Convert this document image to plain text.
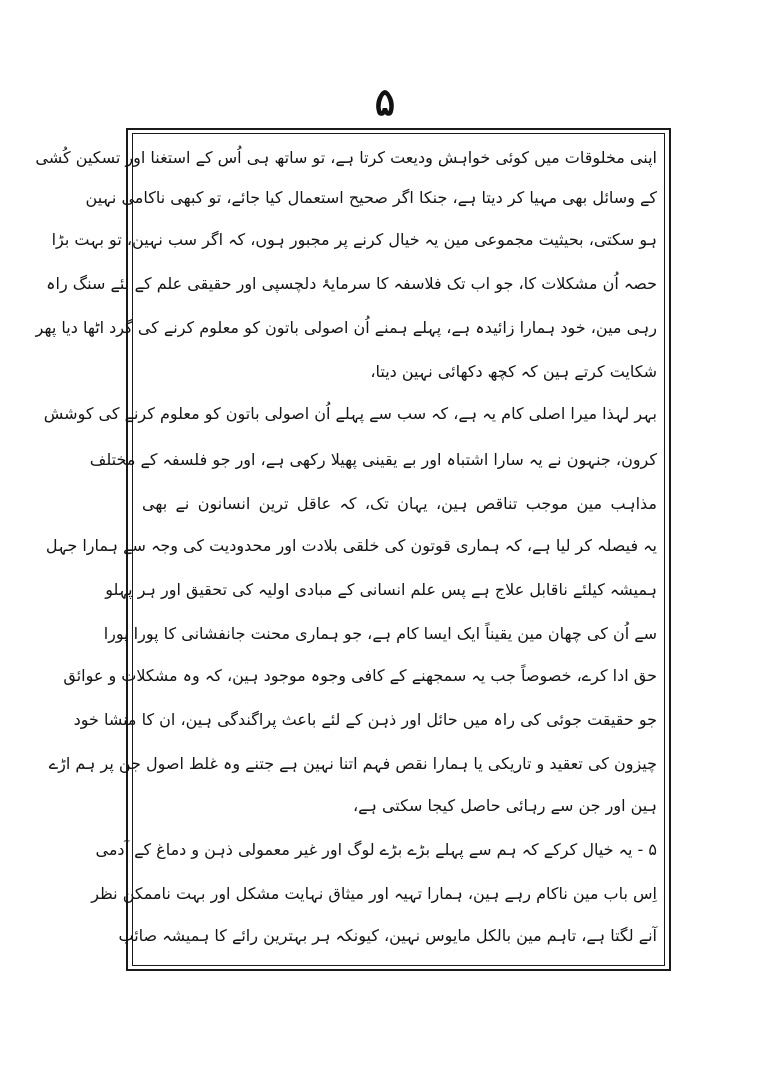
۵
اپنی مخلوقات میں کوئی خواہش ودیعت کرتا ہے، تو ساتھ ہی اُس کے استغنا اور تسکین کُشی
کے وسائل بھی مہیا کر دیتا ہے، جنکا اگر صحیح استعمال کیا جائے، تو کبھی ناکامی نہین
ہو سکتی، بحیثیت مجموعی مین یہ خیال کرنے پر مجبور ہوں، کہ اگر سب نہین، تو بہت بڑا
حصہ اُن مشکلات کا، جو اب تک فلاسفہ کا سرمایۂ دلچسپی اور حقیقی علم کے لئے سنگ راہ
رہی مین، خود ہمارا زائیدہ ہے، پہلے ہمنے اُن اصولی باتون کو معلوم کرنے کی گرد اٹھا دیا پھر
شکایت کرتے ہین کہ کچھ دکھائی نہین دیتا،
بہر لہذا میرا اصلی کام یہ ہے، کہ سب سے پہلے اُن اصولی باتون کو معلوم کرنے کی کوشش
کرون، جنہون نے یہ سارا اشتباہ اور بے یقینی پھیلا رکھی ہے، اور جو فلسفہ کے مختلف
مذاہب مین موجب تناقص ہین، یہان تک، کہ عاقل ترین انسانون نے بھی
یہ فیصلہ کر لیا ہے، کہ ہماری قوتون کی خلقی بلادت اور محدودیت کی وجہ سے ہمارا جہل
ہمیشہ کیلئے ناقابل علاج ہے پس علم انسانی کے مبادی اولیہ کی تحقیق اور ہر پہلو
سے اُن کی چھان مین یقیناً ایک ایسا کام ہے، جو ہماری محنت جانفشانی کا پورا پورا
حق ادا کرے، خصوصاً جب یہ سمجھنے کے کافی وجوہ موجود ہین، کہ وہ مشکلات و عوائق
جو حقیقت جوئی کی راہ میں حائل اور ذہن کے لئے باعث پراگندگی ہین، ان کا منشا خود
چیزون کی تعقید و تاریکی یا ہمارا نقص فہم اتنا نہین ہے جتنے وہ غلط اصول جن پر ہم اڑے
ہین اور جن سے رہائی حاصل کیجا سکتی ہے،
۵ - یہ خیال کرکے کہ ہم سے پہلے بڑے بڑے لوگ اور غیر معمولی ذہن و دماغ کے آدمی
اِس باب مین ناکام رہے ہین، ہمارا تہیہ اور میثاق نہایت مشکل اور بہت ناممکن نظر
آنے لگتا ہے، تاہم مین بالکل مایوس نہین، کیونکہ ہر بہترین رائے کا ہمیشہ صائب
